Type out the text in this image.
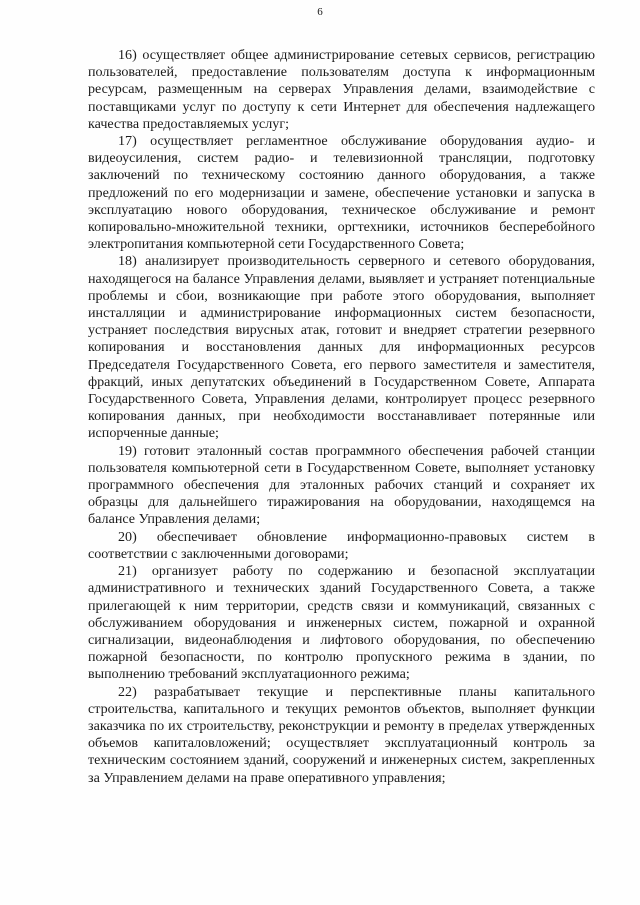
6

16) осуществляет общее администрирование сетевых сервисов, регистрацию пользователей, предоставление пользователям доступа к информационным ресурсам, размещенным на серверах Управления делами, взаимодействие с поставщиками услуг по доступу к сети Интернет для обеспечения надлежащего качества предоставляемых услуг;

17) осуществляет регламентное обслуживание оборудования аудио- и видеоусиления, систем радио- и телевизионной трансляции, подготовку заключений по техническому состоянию данного оборудования, а также предложений по его модернизации и замене, обеспечение установки и запуска в эксплуатацию нового оборудования, техническое обслуживание и ремонт копировально-множительной техники, оргтехники, источников бесперебойного электропитания компьютерной сети Государственного Совета;

18) анализирует производительность серверного и сетевого оборудования, находящегося на балансе Управления делами, выявляет и устраняет потенциальные проблемы и сбои, возникающие при работе этого оборудования, выполняет инсталляции и администрирование информационных систем безопасности, устраняет последствия вирусных атак, готовит и внедряет стратегии резервного копирования и восстановления данных для информационных ресурсов Председателя Государственного Совета, его первого заместителя и заместителя, фракций, иных депутатских объединений в Государственном Совете, Аппарата Государственного Совета, Управления делами, контролирует процесс резервного копирования данных, при необходимости восстанавливает потерянные или испорченные данные;

19) готовит эталонный состав программного обеспечения рабочей станции пользователя компьютерной сети в Государственном Совете, выполняет установку программного обеспечения для эталонных рабочих станций и сохраняет их образцы для дальнейшего тиражирования на оборудовании, находящемся на балансе Управления делами;

20) обеспечивает обновление информационно-правовых систем в соответствии с заключенными договорами;

21) организует работу по содержанию и безопасной эксплуатации административного и технических зданий Государственного Совета, а также прилегающей к ним территории, средств связи и коммуникаций, связанных с обслуживанием оборудования и инженерных систем, пожарной и охранной сигнализации, видеонаблюдения и лифтового оборудования, по обеспечению пожарной безопасности, по контролю пропускного режима в здании, по выполнению требований эксплуатационного режима;

22) разрабатывает текущие и перспективные планы капитального строительства, капитального и текущих ремонтов объектов, выполняет функции заказчика по их строительству, реконструкции и ремонту в пределах утвержденных объемов капиталовложений; осуществляет эксплуатационный контроль за техническим состоянием зданий, сооружений и инженерных систем, закрепленных за Управлением делами на праве оперативного управления;
